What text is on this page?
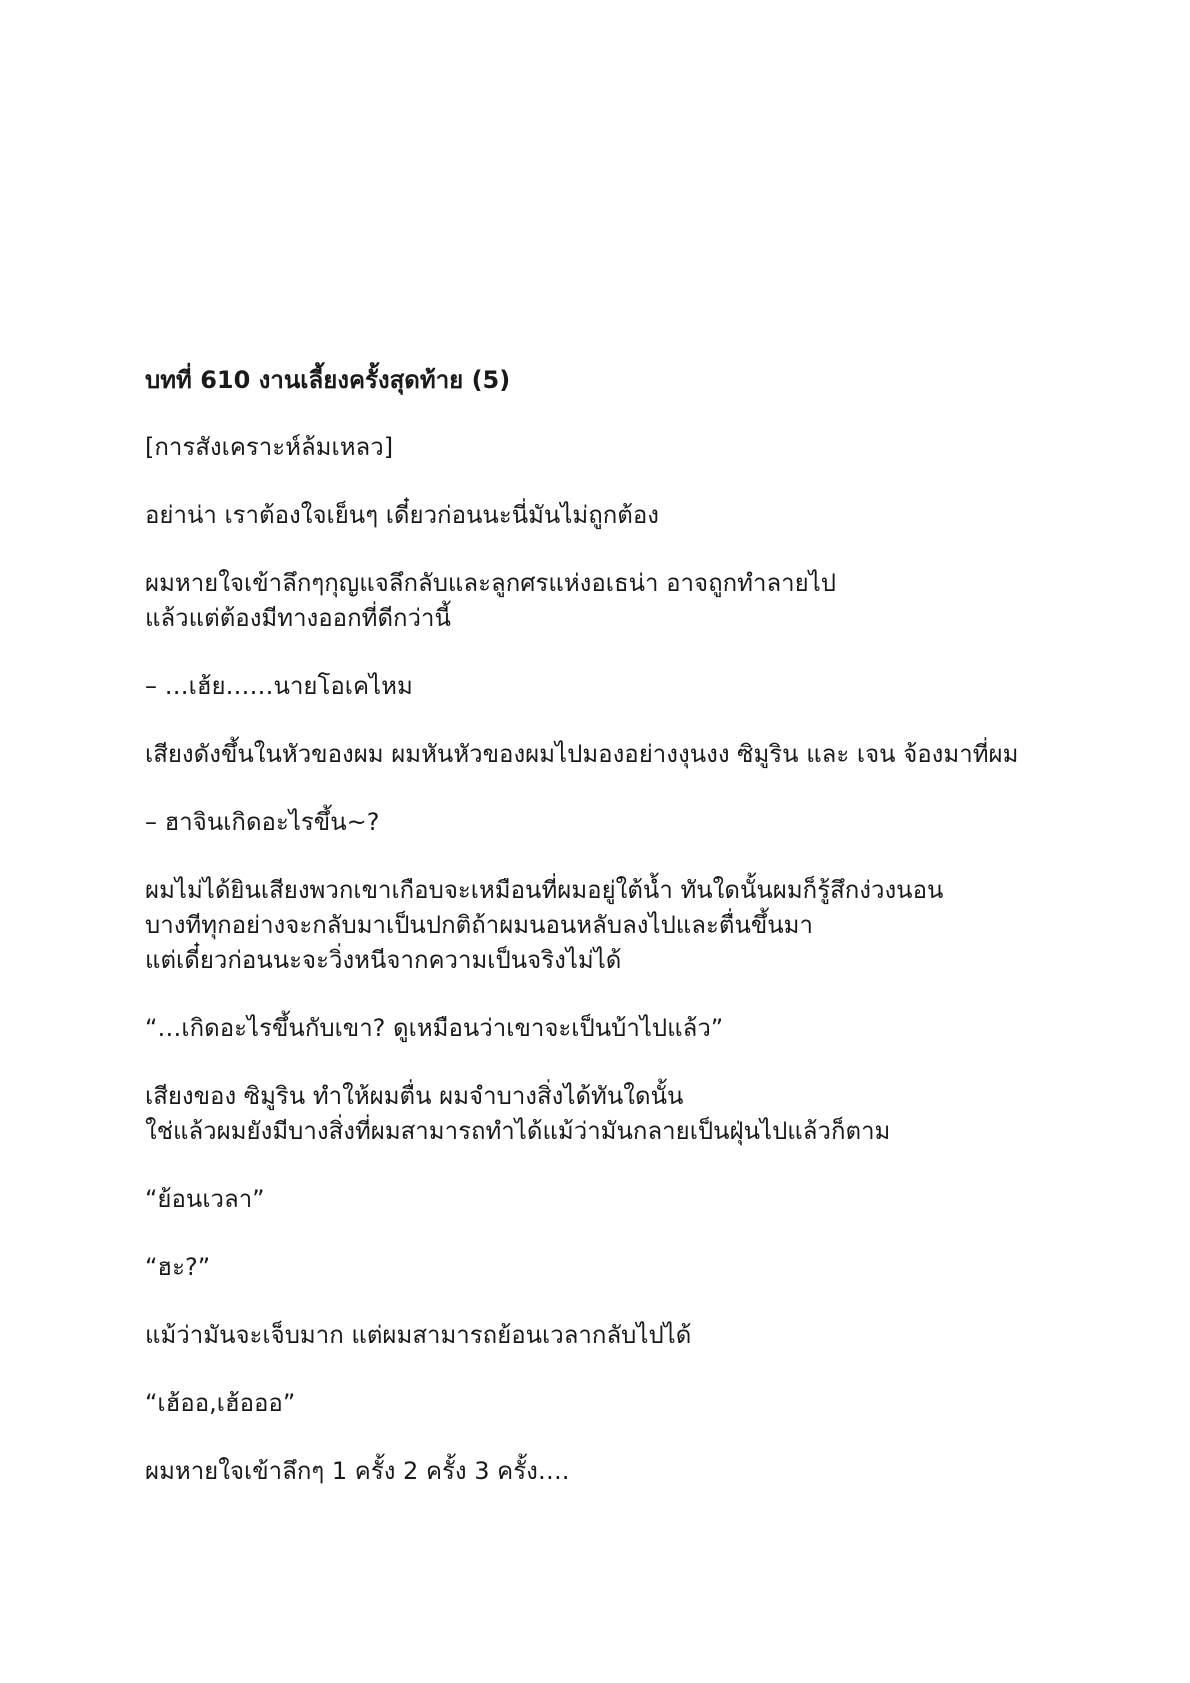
บทที่ 610 งานเลี้ยงครั้งสุดท้าย (5)

[การสังเคราะห์ล้มเหลว]

อย่าน่า เราต้องใจเย็นๆ เดี๋ยวก่อนนะนี่มันไม่ถูกต้อง

ผมหายใจเข้าลึกๆกุญแจลึกลับและลูกศรแห่งอเธน่า อาจถูกทำลายไป
แล้วแต่ต้องมีทางออกที่ดีกว่านี้

– …เฮ้ย……นายโอเคไหม

เสียงดังขึ้นในหัวของผม ผมหันหัวของผมไปมองอย่างงุนงง ซิมูริน และ เจน จ้องมาที่ผม

– ฮาจินเกิดอะไรขึ้น~?

ผมไม่ได้ยินเสียงพวกเขาเกือบจะเหมือนที่ผมอยู่ใต้น้ำ ทันใดนั้นผมก็รู้สึกง่วงนอน
บางทีทุกอย่างจะกลับมาเป็นปกติถ้าผมนอนหลับลงไปและตื่นขึ้นมา
แต่เดี๋ยวก่อนนะจะวิ่งหนีจากความเป็นจริงไม่ได้

“…เกิดอะไรขึ้นกับเขา? ดูเหมือนว่าเขาจะเป็นบ้าไปแล้ว”

เสียงของ ซิมูริน ทำให้ผมตื่น ผมจำบางสิ่งได้ทันใดนั้น
ใช่แล้วผมยังมีบางสิ่งที่ผมสามารถทำได้แม้ว่ามันกลายเป็นฝุ่นไปแล้วก็ตาม

“ย้อนเวลา”

“ฮะ?”

แม้ว่ามันจะเจ็บมาก แต่ผมสามารถย้อนเวลากลับไปได้

“เฮ้ออ,เฮ้อออ”

ผมหายใจเข้าลึกๆ 1 ครั้ง 2 ครั้ง 3 ครั้ง….
